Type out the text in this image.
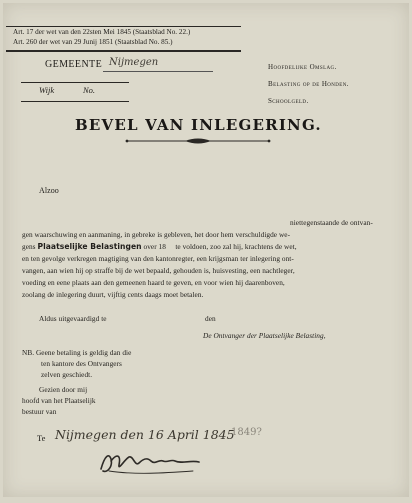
Art. 17 der wet van den 22sten Mei 1845 (Staatsblad No. 22.)
Art. 260 der wet van 29 Junij 1851 (Staatsblad No. 85.)
GEMEENTE Nijmegen
Wijk	No.
Hoofdelijke Omslag.
Belasting op de Honden.
Schoolgeld.
BEVEL VAN INLEGERING.
Alzoo
niettegenstaande de ontvan-
gen waarschuwing en aanmaning, in gebreke is gebleven, het door hem verschuldigde we-
gens Plaatselijke Belastingen over 18     te voldoen, zoo zal hij, krachtens de wet,
en ten gevolge verkregen magtiging van den kantonregter, een krijgsman ter inlegering ont-
vangen, aan wien hij op straffe bij de wet bepaald, gehouden is, huisvesting, een nachtleger,
voeding en eene plaats aan den gemeenen haard te geven, en voor wien hij daarenboven,
zoolang de inlegering duurt, vijftig cents daags moet betalen.
Aldus uitgevaardigd te	den
De Ontvanger der Plaatselijke Belasting,
NB. Geene betaling is geldig dan die
ten kantore des Ontvangers
zelven geschiedt.
Gezien door mij
hoofd van het Plaatselijk
bestuur van
Te Nijmegen den 16 April 1845
1849?
